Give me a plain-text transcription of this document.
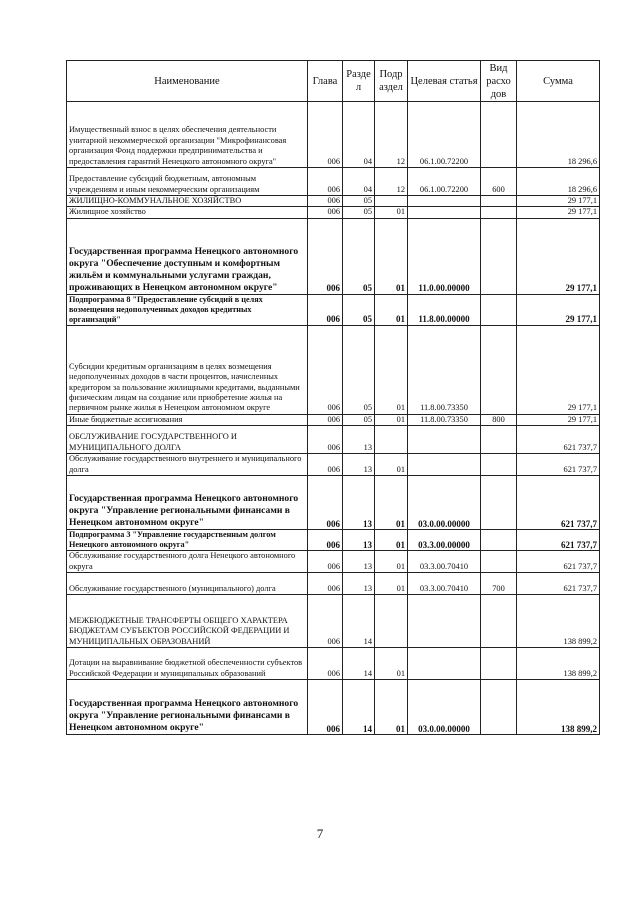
Наименование	Глава	Разде л	Подр аздел	Целевая статья	Вид расхо дов	Сумма
Имущественный взнос в целях обеспечения деятельности унитарной некоммерческой организации "Микрофинансовая организация Фонд поддержки предпринимательства и предоставления гарантий Ненецкого автономного округа"	006	04	12	06.1.00.72200		18 296,6
Предоставление субсидий бюджетным, автономным учреждениям и иным некоммерческим организациям	006	04	12	06.1.00.72200	600	18 296,6
ЖИЛИЩНО-КОММУНАЛЬНОЕ ХОЗЯЙСТВО	006	05				29 177,1
Жилищное хозяйство	006	05	01			29 177,1
Государственная программа Ненецкого автономного округа "Обеспечение доступным и комфортным жильём и коммунальными услугами граждан, проживающих в Ненецком автономном округе"	006	05	01	11.0.00.00000		29 177,1
Подпрограмма 8 "Предоставление субсидий в целях возмещения недополученных доходов кредитных организаций"	006	05	01	11.8.00.00000		29 177,1
Субсидии кредитным организациям в целях возмещения недополученных доходов в части процентов, начисленных кредитором за пользование жилищными кредитами, выданными физическим лицам на создание или приобретение жилья на первичном рынке жилья в Ненецком автономном округе	006	05	01	11.8.00.73350		29 177,1
Иные бюджетные ассигнования	006	05	01	11.8.00.73350	800	29 177,1
ОБСЛУЖИВАНИЕ ГОСУДАРСТВЕННОГО И МУНИЦИПАЛЬНОГО ДОЛГА	006	13				621 737,7
Обслуживание государственного внутреннего и муниципального долга	006	13	01			621 737,7
Государственная программа Ненецкого автономного округа "Управление региональными финансами в Ненецком автономном округе"	006	13	01	03.0.00.00000		621 737,7
Подпрограмма 3 "Управление государственным долгом Ненецкого автономного округа"	006	13	01	03.3.00.00000		621 737,7
Обслуживание государственного долга Ненецкого автономного округа	006	13	01	03.3.00.70410		621 737,7
Обслуживание государственного (муниципального) долга	006	13	01	03.3.00.70410	700	621 737,7
МЕЖБЮДЖЕТНЫЕ ТРАНСФЕРТЫ ОБЩЕГО ХАРАКТЕРА БЮДЖЕТАМ СУБЪЕКТОВ РОССИЙСКОЙ ФЕДЕРАЦИИ И МУНИЦИПАЛЬНЫХ ОБРАЗОВАНИЙ	006	14				138 899,2
Дотации на выравнивание бюджетной обеспеченности субъектов Российской Федерации и муниципальных образований	006	14	01			138 899,2
Государственная программа Ненецкого автономного округа "Управление региональными финансами в Ненецком автономном округе"	006	14	01	03.0.00.00000		138 899,2
7
